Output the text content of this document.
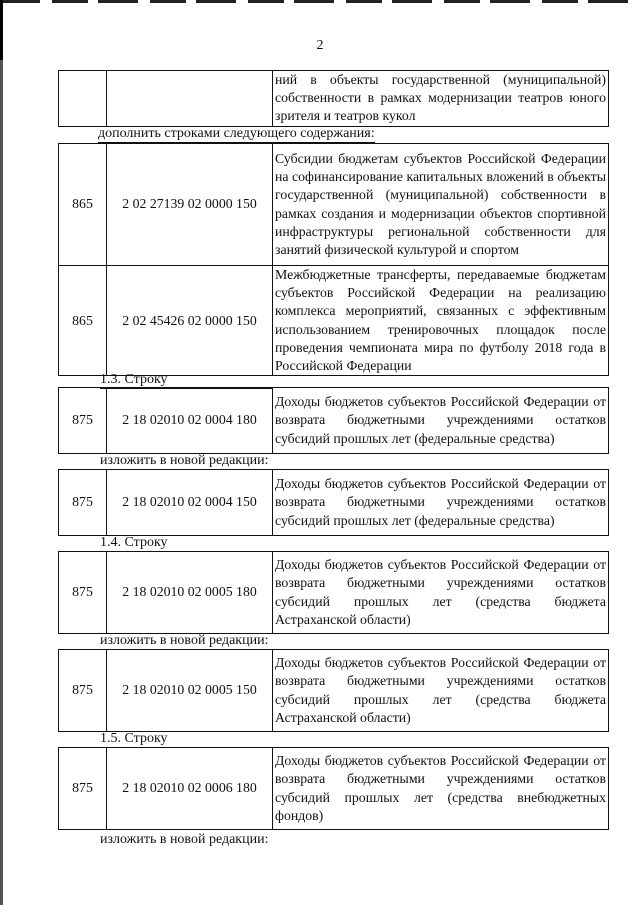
2
		ний в объекты государственной (муниципальной) собственности в рамках модернизации театров юного зрителя и театров кукол
дополнить строками следующего содержания:
865	2 02 27139 02 0000 150	Субсидии бюджетам субъектов Российской Федерации на софинансирование капитальных вложений в объекты государственной (муниципальной) собственности в рамках создания и модернизации объектов спортивной инфраструктуры региональной собственности для занятий физической культурой и спортом
865	2 02 45426 02 0000 150	Межбюджетные трансферты, передаваемые бюджетам субъектов Российской Федерации на реализацию комплекса мероприятий, связанных с эффективным использованием тренировочных площадок после проведения чемпионата мира по футболу 2018 года в Российской Федерации
1.3. Строку
875	2 18 02010 02 0004 180	Доходы бюджетов субъектов Российской Федерации от возврата бюджетными учреждениями остатков субсидий прошлых лет (федеральные средства)
изложить в новой редакции:
875	2 18 02010 02 0004 150	Доходы бюджетов субъектов Российской Федерации от возврата бюджетными учреждениями остатков субсидий прошлых лет (федеральные средства)
1.4. Строку
875	2 18 02010 02 0005 180	Доходы бюджетов субъектов Российской Федерации от возврата бюджетными учреждениями остатков субсидий прошлых лет (средства бюджета Астраханской области)
изложить в новой редакции:
875	2 18 02010 02 0005 150	Доходы бюджетов субъектов Российской Федерации от возврата бюджетными учреждениями остатков субсидий прошлых лет (средства бюджета Астраханской области)
1.5. Строку
875	2 18 02010 02 0006 180	Доходы бюджетов субъектов Российской Федерации от возврата бюджетными учреждениями остатков субсидий прошлых лет (средства внебюджетных фондов)
изложить в новой редакции:
